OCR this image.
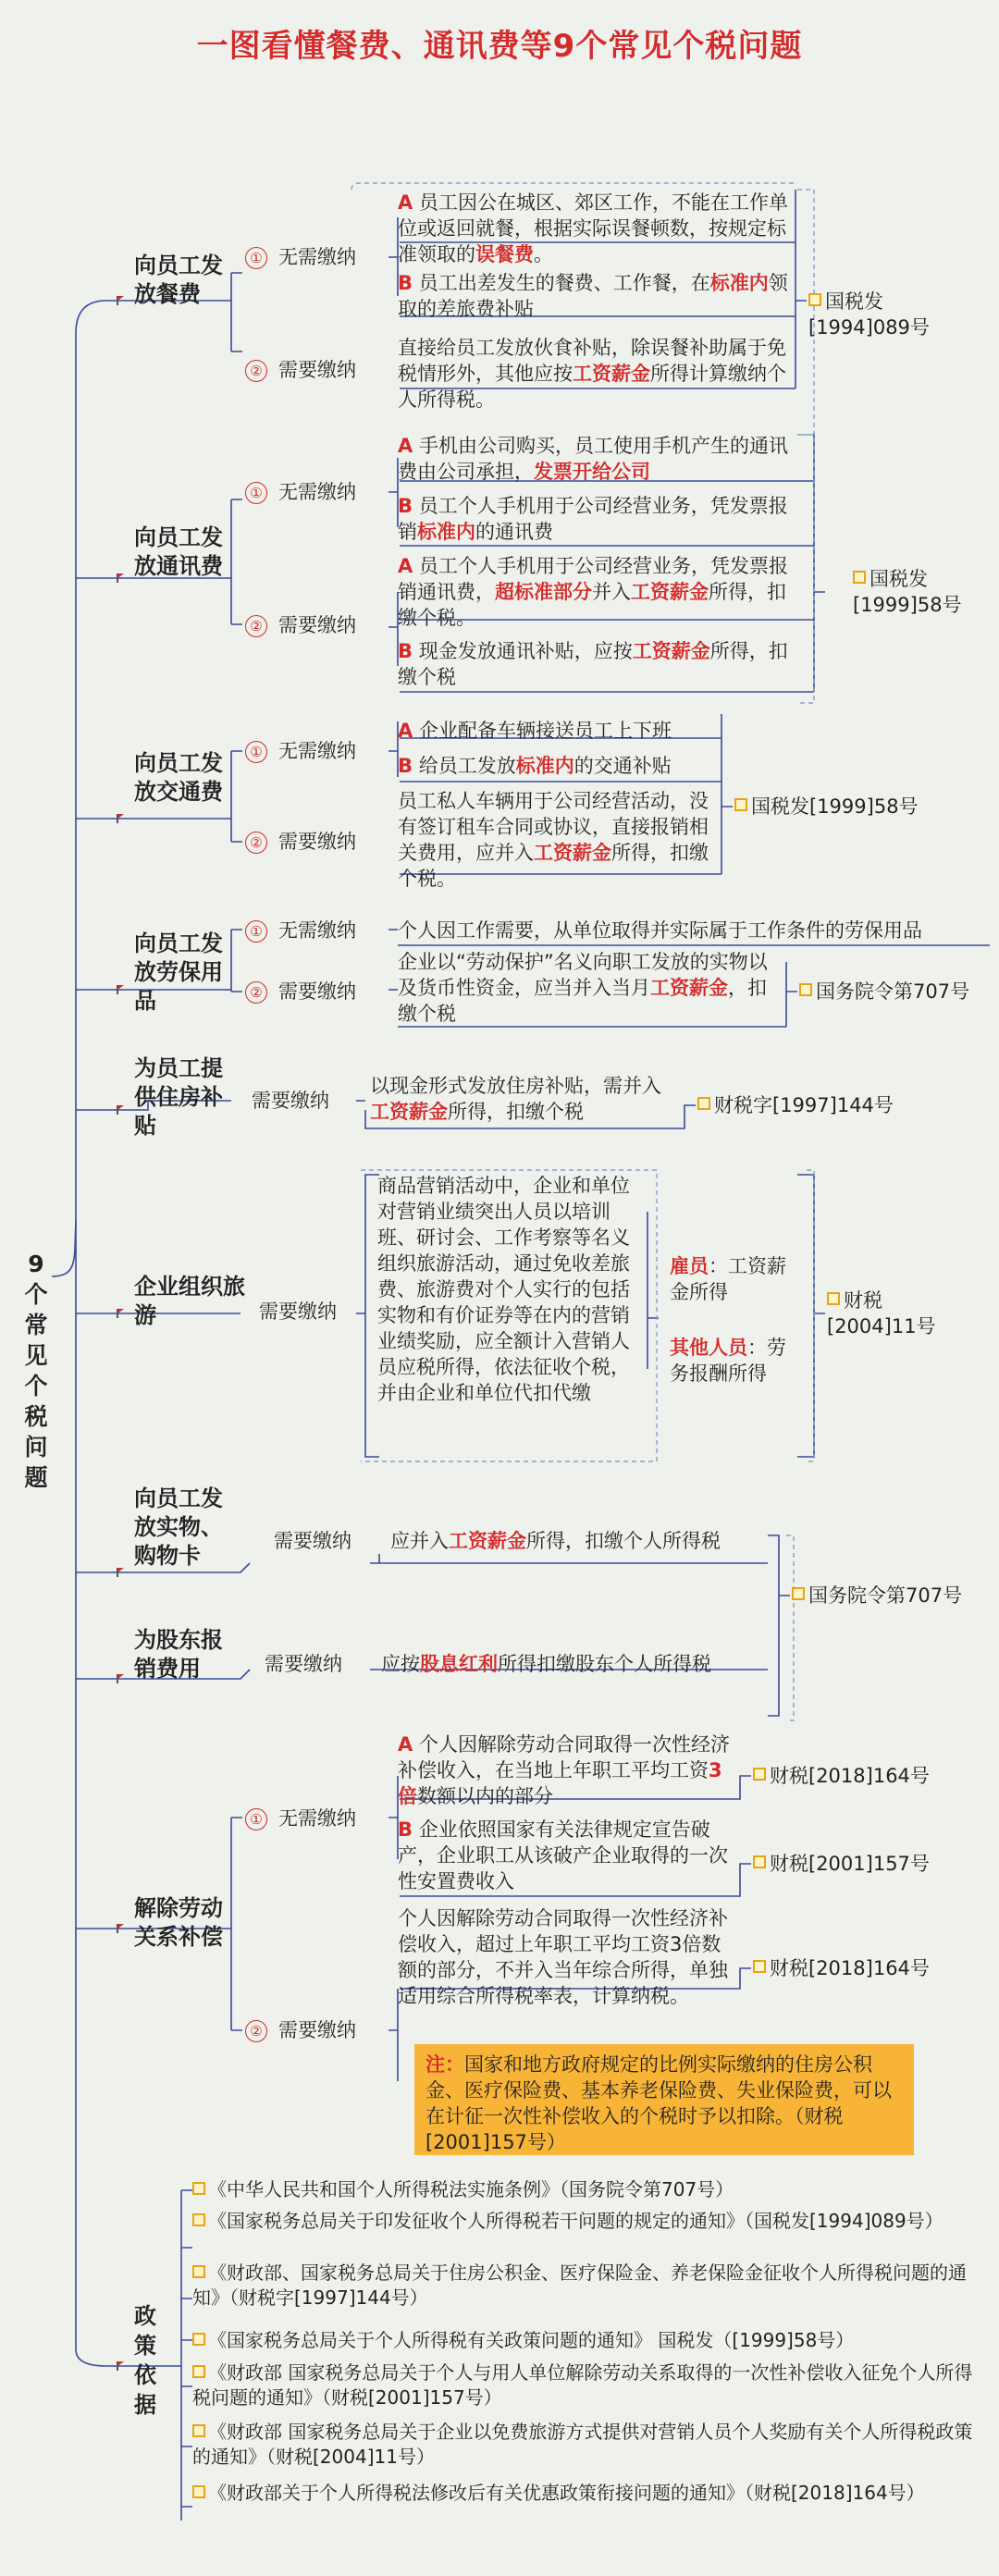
一图看懂餐费、通讯费等9个常见个税问题
9个常见个税问题
向员工发放餐费
① 无需缴纳
② 需要缴纳
A 员工因公在城区、郊区工作，不能在工作单位或返回就餐，根据实际误餐顿数，按规定标准领取的误餐费。
B 员工出差发生的餐费、工作餐，在标准内领取的差旅费补贴
直接给员工发放伙食补贴，除误餐补助属于免税情形外，其他应按工资薪金所得计算缴纳个人所得税。
国税发[1994]089号
向员工发放通讯费
① 无需缴纳
② 需要缴纳
A 手机由公司购买，员工使用手机产生的通讯费由公司承担，发票开给公司
B 员工个人手机用于公司经营业务，凭发票报销标准内的通讯费
A 员工个人手机用于公司经营业务，凭发票报销通讯费，超标准部分并入工资薪金所得，扣缴个税。
B 现金发放通讯补贴，应按工资薪金所得，扣缴个税
国税发[1999]58号
向员工发放交通费
① 无需缴纳
② 需要缴纳
A 企业配备车辆接送员工上下班
B 给员工发放标准内的交通补贴
员工私人车辆用于公司经营活动，没有签订租车合同或协议，直接报销相关费用，应并入工资薪金所得，扣缴个税。
国税发[1999]58号
向员工发放劳保用品
① 无需缴纳
② 需要缴纳
个人因工作需要，从单位取得并实际属于工作条件的劳保用品
企业以“劳动保护”名义向职工发放的实物以及货币性资金，应当并入当月工资薪金，扣缴个税
国务院令第707号
为员工提供住房补贴
需要缴纳
以现金形式发放住房补贴，需并入工资薪金所得，扣缴个税	财税字[1997]144号
企业组织旅游	需要缴纳
商品营销活动中，企业和单位对营销业绩突出人员以培训班、研讨会、工作考察等名义组织旅游活动，通过免收差旅费、旅游费对个人实行的包括实物和有价证券等在内的营销业绩奖励，应全额计入营销人员应税所得，依法征收个税，并由企业和单位代扣代缴
雇员：工资薪金所得
其他人员：劳务报酬所得
财税[2004]11号
向员工发放实物、购物卡
需要缴纳 应并入工资薪金所得，扣缴个人所得税
为股东报销费用	需要缴纳 应按股息红利所得扣缴股东个人所得税
国务院令第707号
解除劳动关系补偿
① 无需缴纳
② 需要缴纳
A 个人因解除劳动合同取得一次性经济补偿收入，在当地上年职工平均工资3倍数额以内的部分
B 企业依照国家有关法律规定宣告破产，企业职工从该破产企业取得的一次性安置费收入
个人因解除劳动合同取得一次性经济补偿收入，超过上年职工平均工资3倍数额的部分，不并入当年综合所得，单独适用综合所得税率表，计算纳税。
财税[2018]164号
财税[2001]157号
财税[2018]164号
注：国家和地方政府规定的比例实际缴纳的住房公积金、医疗保险费、基本养老保险费、失业保险费，可以在计征一次性补偿收入的个税时予以扣除。（财税[2001]157号）
政策依据
《中华人民共和国个人所得税法实施条例》（国务院令第707号）
《国家税务总局关于印发征收个人所得税若干问题的规定的通知》（国税发[1994]089号）
《财政部、国家税务总局关于住房公积金、医疗保险金、养老保险金征收个人所得税问题的通知》（财税字[1997]144号）
《国家税务总局关于个人所得税有关政策问题的通知》 国税发（[1999]58号）
《财政部 国家税务总局关于个人与用人单位解除劳动关系取得的一次性补偿收入征免个人所得税问题的通知》（财税[2001]157号）
《财政部 国家税务总局关于企业以免费旅游方式提供对营销人员个人奖励有关个人所得税政策的通知》（财税[2004]11号）
《财政部关于个人所得税法修改后有关优惠政策衔接问题的通知》（财税[2018]164号）
